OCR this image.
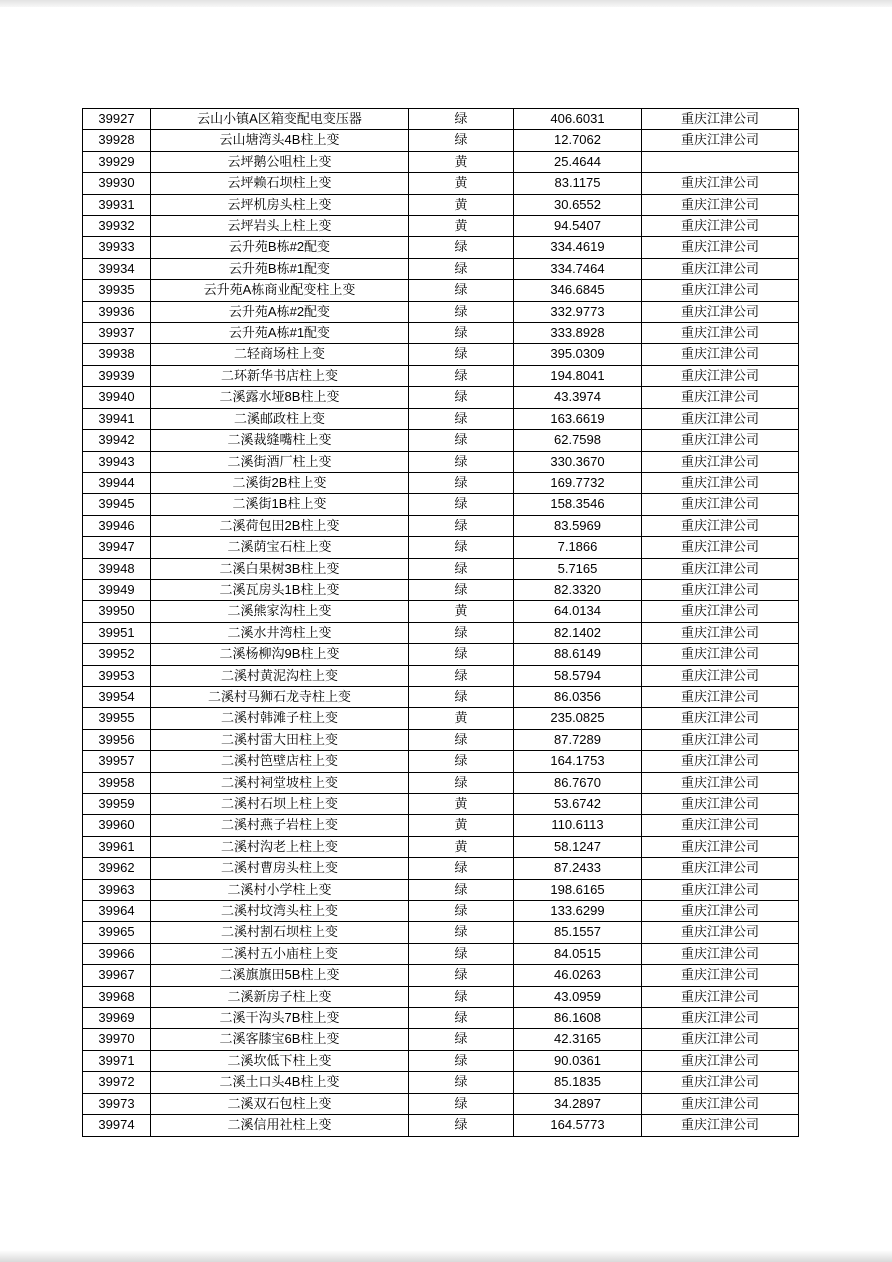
39927	云山小镇A区箱变配电变压器	绿	406.6031	重庆江津公司
39928	云山塘湾头4B柱上变	绿	12.7062	重庆江津公司
39929	云坪鹅公咀柱上变	黄	25.4644	
39930	云坪赖石坝柱上变	黄	83.1175	重庆江津公司
39931	云坪机房头柱上变	黄	30.6552	重庆江津公司
39932	云坪岩头上柱上变	黄	94.5407	重庆江津公司
39933	云升苑B栋#2配变	绿	334.4619	重庆江津公司
39934	云升苑B栋#1配变	绿	334.7464	重庆江津公司
39935	云升苑A栋商业配变柱上变	绿	346.6845	重庆江津公司
39936	云升苑A栋#2配变	绿	332.9773	重庆江津公司
39937	云升苑A栋#1配变	绿	333.8928	重庆江津公司
39938	二轻商场柱上变	绿	395.0309	重庆江津公司
39939	二环新华书店柱上变	绿	194.8041	重庆江津公司
39940	二溪露水垭8B柱上变	绿	43.3974	重庆江津公司
39941	二溪邮政柱上变	绿	163.6619	重庆江津公司
39942	二溪裁缝嘴柱上变	绿	62.7598	重庆江津公司
39943	二溪街酒厂柱上变	绿	330.3670	重庆江津公司
39944	二溪街2B柱上变	绿	169.7732	重庆江津公司
39945	二溪街1B柱上变	绿	158.3546	重庆江津公司
39946	二溪荷包田2B柱上变	绿	83.5969	重庆江津公司
39947	二溪荫宝石柱上变	绿	7.1866	重庆江津公司
39948	二溪白果树3B柱上变	绿	5.7165	重庆江津公司
39949	二溪瓦房头1B柱上变	绿	82.3320	重庆江津公司
39950	二溪熊家沟柱上变	黄	64.0134	重庆江津公司
39951	二溪水井湾柱上变	绿	82.1402	重庆江津公司
39952	二溪杨柳沟9B柱上变	绿	88.6149	重庆江津公司
39953	二溪村黄泥沟柱上变	绿	58.5794	重庆江津公司
39954	二溪村马狮石龙寺柱上变	绿	86.0356	重庆江津公司
39955	二溪村韩滩子柱上变	黄	235.0825	重庆江津公司
39956	二溪村雷大田柱上变	绿	87.7289	重庆江津公司
39957	二溪村笆壁店柱上变	绿	164.1753	重庆江津公司
39958	二溪村祠堂坡柱上变	绿	86.7670	重庆江津公司
39959	二溪村石坝上柱上变	黄	53.6742	重庆江津公司
39960	二溪村燕子岩柱上变	黄	110.6113	重庆江津公司
39961	二溪村沟老上柱上变	黄	58.1247	重庆江津公司
39962	二溪村曹房头柱上变	绿	87.2433	重庆江津公司
39963	二溪村小学柱上变	绿	198.6165	重庆江津公司
39964	二溪村坟湾头柱上变	绿	133.6299	重庆江津公司
39965	二溪村割石坝柱上变	绿	85.1557	重庆江津公司
39966	二溪村五小庙柱上变	绿	84.0515	重庆江津公司
39967	二溪旗旗田5B柱上变	绿	46.0263	重庆江津公司
39968	二溪新房子柱上变	绿	43.0959	重庆江津公司
39969	二溪干沟头7B柱上变	绿	86.1608	重庆江津公司
39970	二溪客膝宝6B柱上变	绿	42.3165	重庆江津公司
39971	二溪坎低下柱上变	绿	90.0361	重庆江津公司
39972	二溪土口头4B柱上变	绿	85.1835	重庆江津公司
39973	二溪双石包柱上变	绿	34.2897	重庆江津公司
39974	二溪信用社柱上变	绿	164.5773	重庆江津公司
